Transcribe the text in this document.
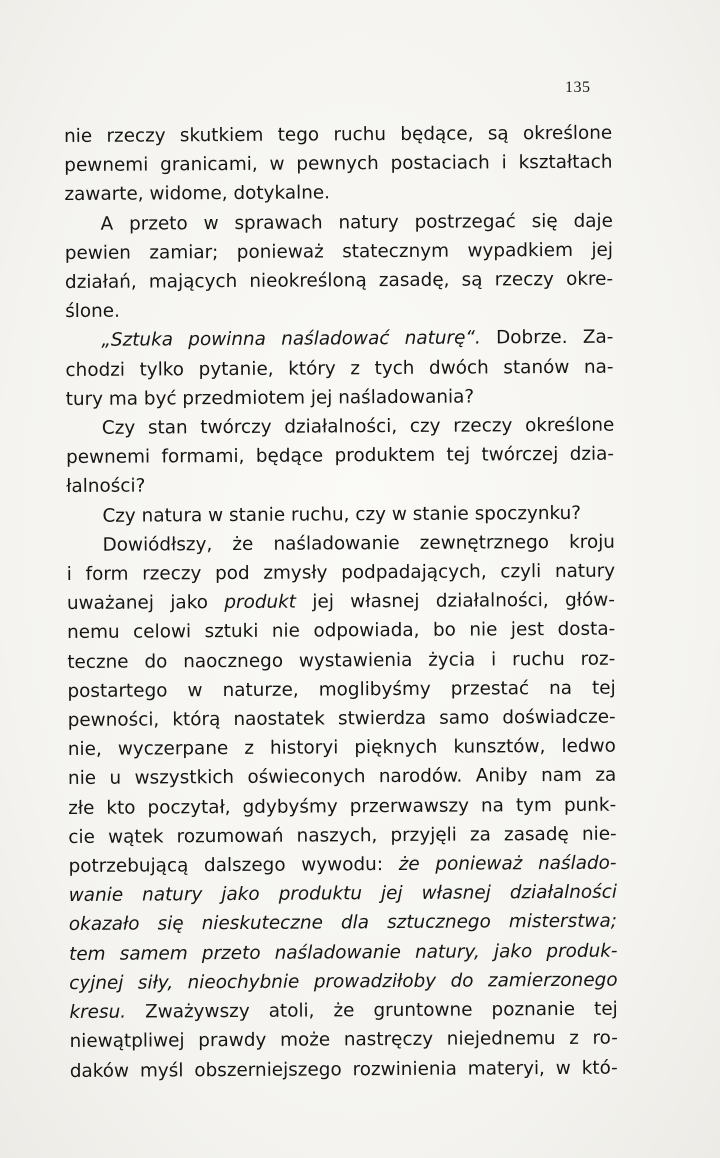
135
nie rzeczy skutkiem tego ruchu będące, są określone
pewnemi granicami, w pewnych postaciach i kształtach
zawarte, widome, dotykalne.
A przeto w sprawach natury postrzegać się daje
pewien zamiar; ponieważ statecznym wypadkiem jej
działań, mających nieokreśloną zasadę, są rzeczy okre-
ślone.
„Sztuka powinna naśladować naturę“. Dobrze. Za-
chodzi tylko pytanie, który z tych dwóch stanów na-
tury ma być przedmiotem jej naśladowania?
Czy stan twórczy działalności, czy rzeczy określone
pewnemi formami, będące produktem tej twórczej dzia-
łalności?
Czy natura w stanie ruchu, czy w stanie spoczynku?
Dowiódłszy, że naśladowanie zewnętrznego kroju
i form rzeczy pod zmysły podpadających, czyli natury
uważanej jako produkt jej własnej działalności, głów-
nemu celowi sztuki nie odpowiada, bo nie jest dosta-
teczne do naocznego wystawienia życia i ruchu roz-
postartego w naturze, moglibyśmy przestać na tej
pewności, którą naostatek stwierdza samo doświadcze-
nie, wyczerpane z historyi pięknych kunsztów, ledwo
nie u wszystkich oświeconych narodów. Aniby nam za
złe kto poczytał, gdybyśmy przerwawszy na tym punk-
cie wątek rozumowań naszych, przyjęli za zasadę nie-
potrzebującą dalszego wywodu: że ponieważ naślado-
wanie natury jako produktu jej własnej działalności
okazało się nieskuteczne dla sztucznego misterstwa;
tem samem przeto naśladowanie natury, jako produk-
cyjnej siły, nieochybnie prowadziłoby do zamierzonego
kresu. Zważywszy atoli, że gruntowne poznanie tej
niewątpliwej prawdy może nastręczy niejednemu z ro-
daków myśl obszerniejszego rozwinienia materyi, w któ-
